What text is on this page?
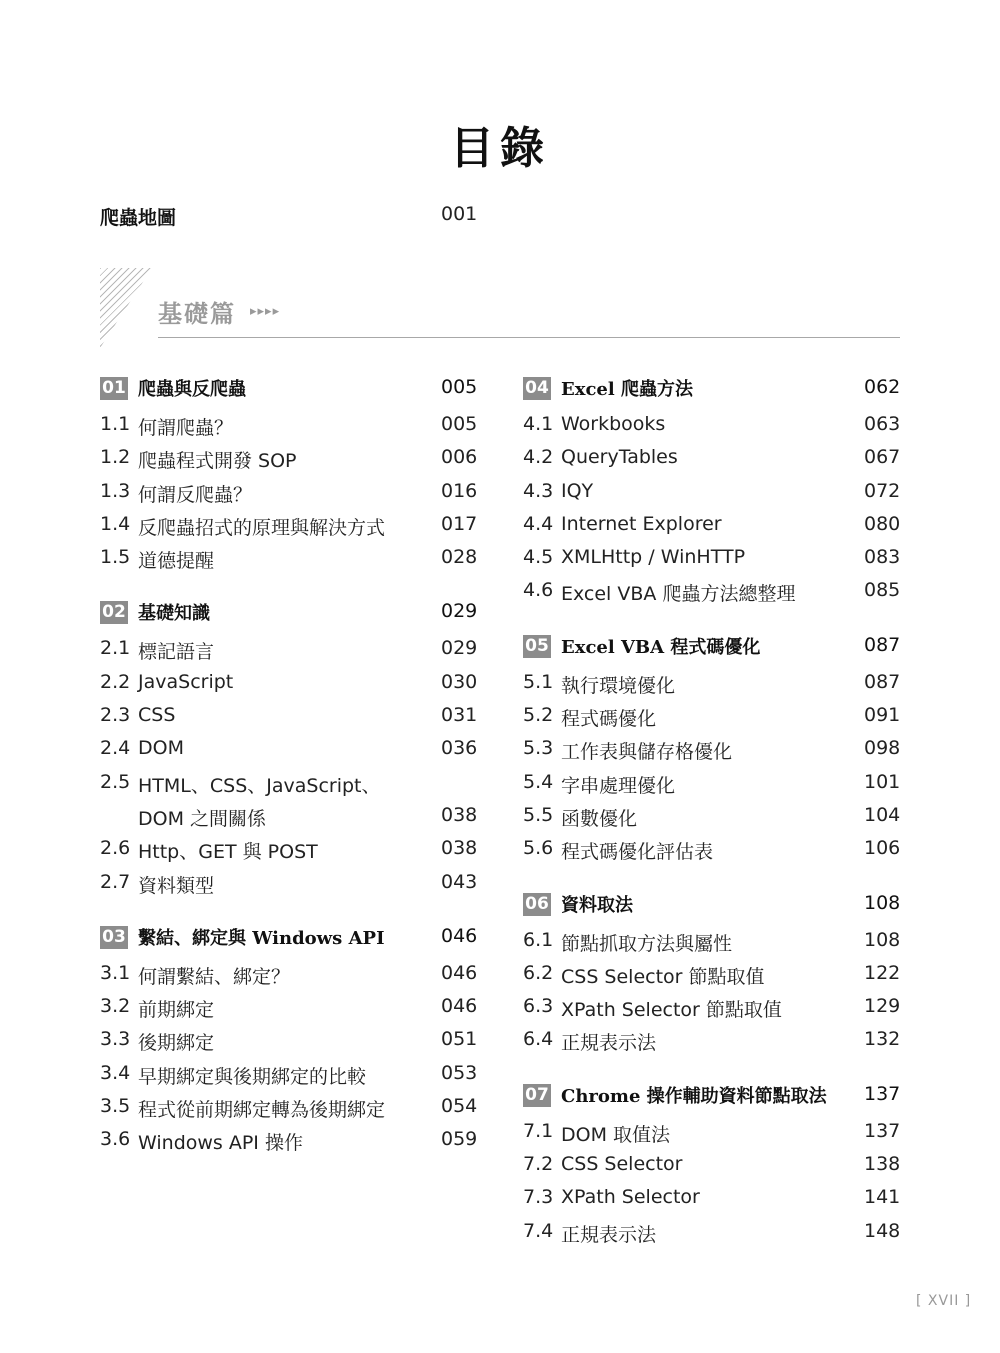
目錄
爬蟲地圖	001
基礎篇 ▸▸▸▸
01 爬蟲與反爬蟲	005
1.1 何謂爬蟲？	005
1.2 爬蟲程式開發 SOP	006
1.3 何謂反爬蟲？	016
1.4 反爬蟲招式的原理與解決方式	017
1.5 道德提醒	028
02 基礎知識	029
2.1 標記語言	029
2.2 JavaScript	030
2.3 CSS	031
2.4 DOM	036
2.5 HTML、CSS、JavaScript、
DOM 之間關係	038
2.6 Http、GET 與 POST	038
2.7 資料類型	043
03 繫結、綁定與 Windows API	046
3.1 何謂繫結、綁定？	046
3.2 前期綁定	046
3.3 後期綁定	051
3.4 早期綁定與後期綁定的比較	053
3.5 程式從前期綁定轉為後期綁定	054
3.6 Windows API 操作	059
04 Excel 爬蟲方法	062
4.1 Workbooks	063
4.2 QueryTables	067
4.3 IQY	072
4.4 Internet Explorer	080
4.5 XMLHttp / WinHTTP	083
4.6 Excel VBA 爬蟲方法總整理	085
05 Excel VBA 程式碼優化	087
5.1 執行環境優化	087
5.2 程式碼優化	091
5.3 工作表與儲存格優化	098
5.4 字串處理優化	101
5.5 函數優化	104
5.6 程式碼優化評估表	106
06 資料取法	108
6.1 節點抓取方法與屬性	108
6.2 CSS Selector 節點取值	122
6.3 XPath Selector 節點取值	129
6.4 正規表示法	132
07 Chrome 操作輔助資料節點取法 137
7.1 DOM 取值法	137
7.2 CSS Selector	138
7.3 XPath Selector	141
7.4 正規表示法	148
[ XVII ]
